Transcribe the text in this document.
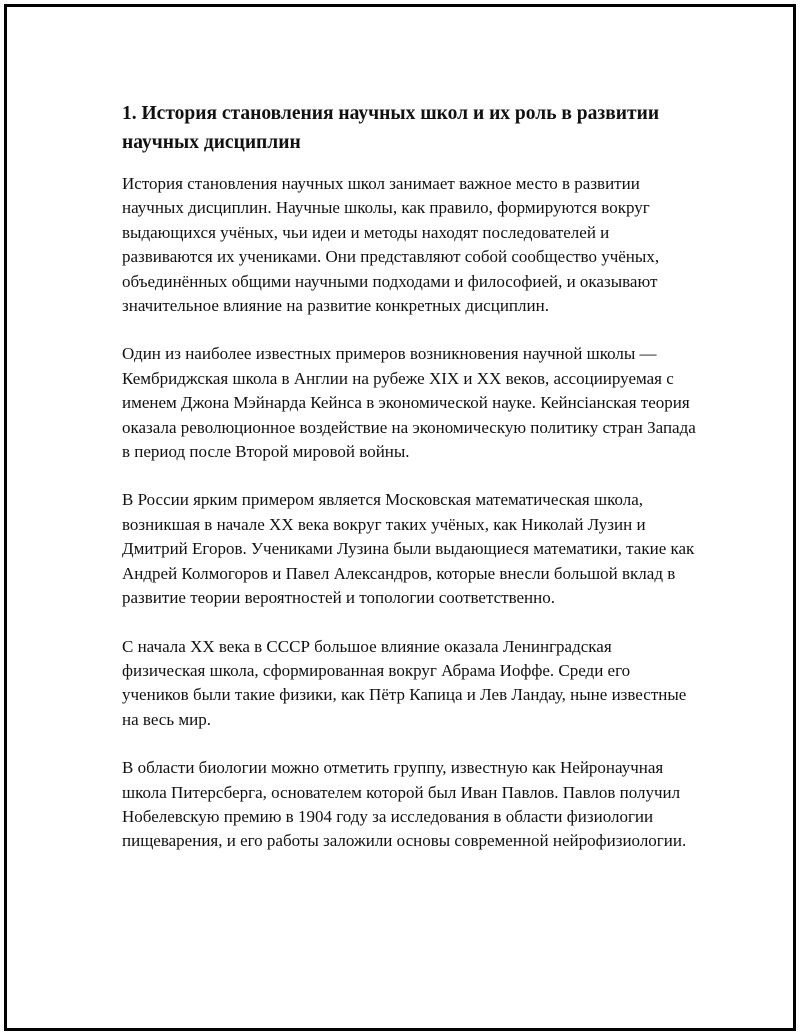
1. История становления научных школ и их роль в развитии научных дисциплин

История становления научных школ занимает важное место в развитии научных дисциплин. Научные школы, как правило, формируются вокруг выдающихся учёных, чьи идеи и методы находят последователей и развиваются их учениками. Они представляют собой сообщество учёных, объединённых общими научными подходами и философией, и оказывают значительное влияние на развитие конкретных дисциплин.

Один из наиболее известных примеров возникновения научной школы — Кембриджская школа в Англии на рубеже XIX и XX веков, ассоциируемая с именем Джона Мэйнарда Кейнса в экономической науке. Кейнсiанская теория оказала революционное воздействие на экономическую политику стран Запада в период после Второй мировой войны.

В России ярким примером является Московская математическая школа, возникшая в начале XX века вокруг таких учёных, как Николай Лузин и Дмитрий Егоров. Учениками Лузина были выдающиеся математики, такие как Андрей Колмогоров и Павел Александров, которые внесли большой вклад в развитие теории вероятностей и топологии соответственно.

С начала XX века в СССР большое влияние оказала Ленинградская физическая школа, сформированная вокруг Абрама Иоффе. Среди его учеников были такие физики, как Пётр Капица и Лев Ландау, ныне известные на весь мир.

В области биологии можно отметить группу, известную как Нейронаучная школа Питерсберга, основателем которой был Иван Павлов. Павлов получил Нобелевскую премию в 1904 году за исследования в области физиологии пищеварения, и его работы заложили основы современной нейрофизиологии.
